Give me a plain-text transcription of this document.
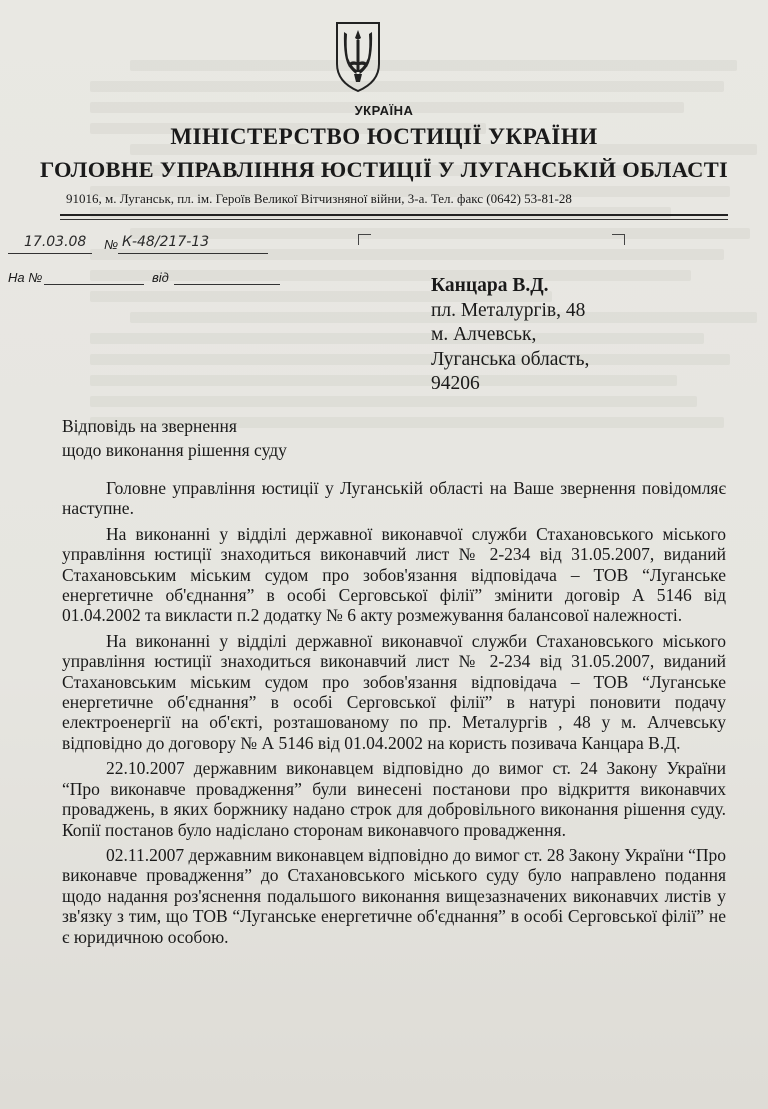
УКРАЇНА
МІНІСТЕРСТВО ЮСТИЦІЇ УКРАЇНИ
ГОЛОВНЕ УПРАВЛІННЯ ЮСТИЦІЇ У ЛУГАНСЬКІЙ ОБЛАСТІ
91016, м. Луганськ, пл. ім. Героїв Великої Вітчизняної війни, 3-а. Тел. факс (0642) 53-81-28
17.03.08 № К-48/217-13
На №	від	Канцара В.Д.
пл. Металургів, 48
м. Алчевськ,
Луганська область,
94206
Відповідь на звернення
щодо виконання рішення суду

Головне управління юстиції у Луганській області на Ваше звернення повідомляє наступне.

На виконанні у відділі державної виконавчої служби Стахановського міського управління юстиції знаходиться виконавчий лист № 2-234 від 31.05.2007, виданий Стахановським міським судом про зобов'язання відповідача – ТОВ “Луганське енергетичне об'єднання” в особі Серговської філії” змінити договір А 5146 від 01.04.2002 та викласти п.2 додатку № 6 акту розмежування балансової належності.

На виконанні у відділі державної виконавчої служби Стахановського міського управління юстиції знаходиться виконавчий лист № 2-234 від 31.05.2007, виданий Стахановським міським судом про зобов'язання відповідача – ТОВ “Луганське енергетичне об'єднання” в особі Серговської філії” в натурі поновити подачу електроенергії на об'єкті, розташованому по пр. Металургів , 48 у м. Алчевську відповідно до договору № А 5146 від 01.04.2002 на користь позивача Канцара В.Д.

22.10.2007 державним виконавцем відповідно до вимог ст. 24 Закону України “Про виконавче провадження” були винесені постанови про відкриття виконавчих проваджень, в яких боржнику надано строк для добровільного виконання рішення суду. Копії постанов було надіслано сторонам виконавчого провадження.

02.11.2007 державним виконавцем відповідно до вимог ст. 28 Закону України “Про виконавче провадження” до Стахановського міського суду було направлено подання щодо надання роз'яснення подальшого виконання вищезазначених виконавчих листів у зв'язку з тим, що ТОВ “Луганське енергетичне об'єднання” в особі Серговської філії” не є юридичною особою.
